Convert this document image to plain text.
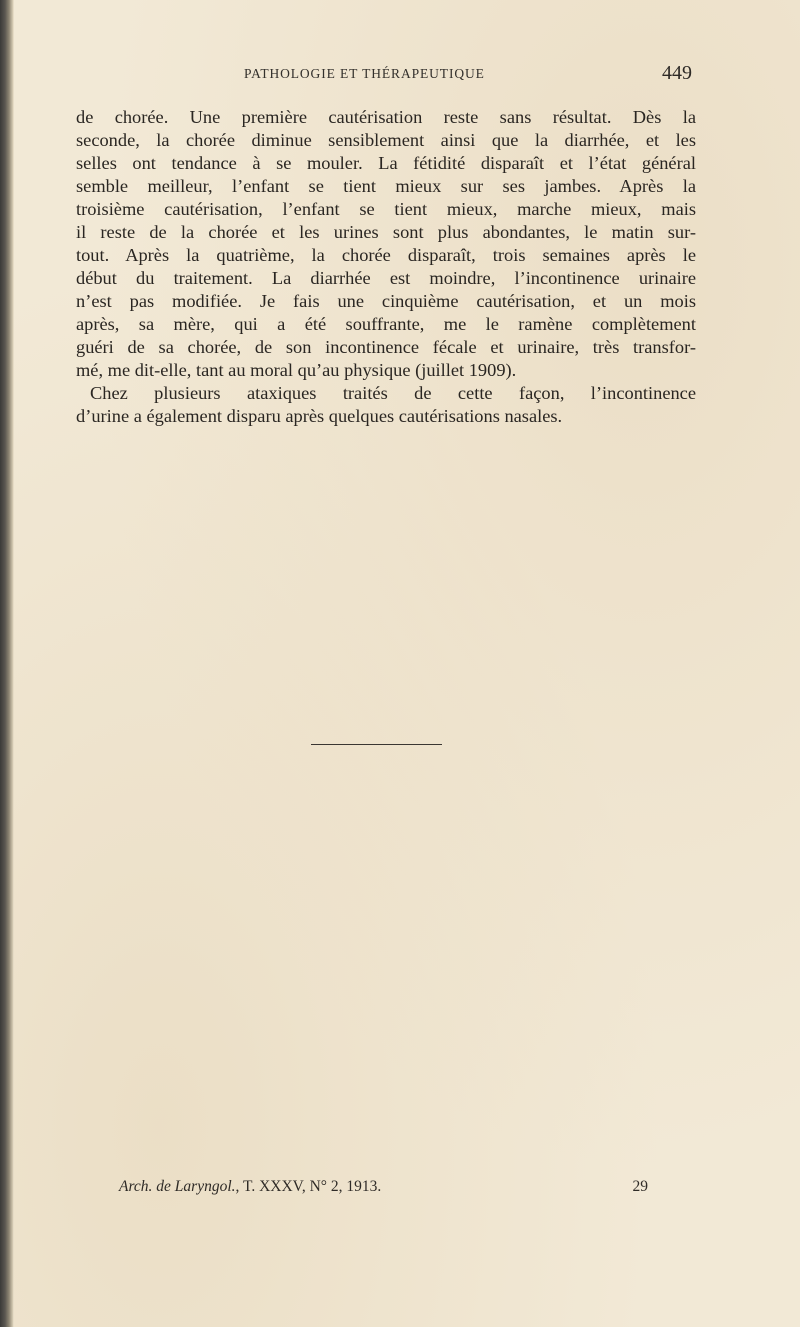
PATHOLOGIE ET THÉRAPEUTIQUE	449
de chorée. Une première cautérisation reste sans résultat. Dès la
seconde, la chorée diminue sensiblement ainsi que la diarrhée, et les
selles ont tendance à se mouler. La fétidité disparaît et l’état général
semble meilleur, l’enfant se tient mieux sur ses jambes. Après la
troisième cautérisation, l’enfant se tient mieux, marche mieux, mais
il reste de la chorée et les urines sont plus abondantes, le matin sur-
tout. Après la quatrième, la chorée disparaît, trois semaines après le
début du traitement. La diarrhée est moindre, l’incontinence urinaire
n’est pas modifiée. Je fais une cinquième cautérisation, et un mois
après, sa mère, qui a été souffrante, me le ramène complètement
guéri de sa chorée, de son incontinence fécale et urinaire, très transfor-
mé, me dit-elle, tant au moral qu’au physique (juillet 1909).
Chez plusieurs ataxiques traités de cette façon, l’incontinence
d’urine a également disparu après quelques cautérisations nasales.
Arch. de Laryngol., T. XXXV, N° 2, 1913.	29
